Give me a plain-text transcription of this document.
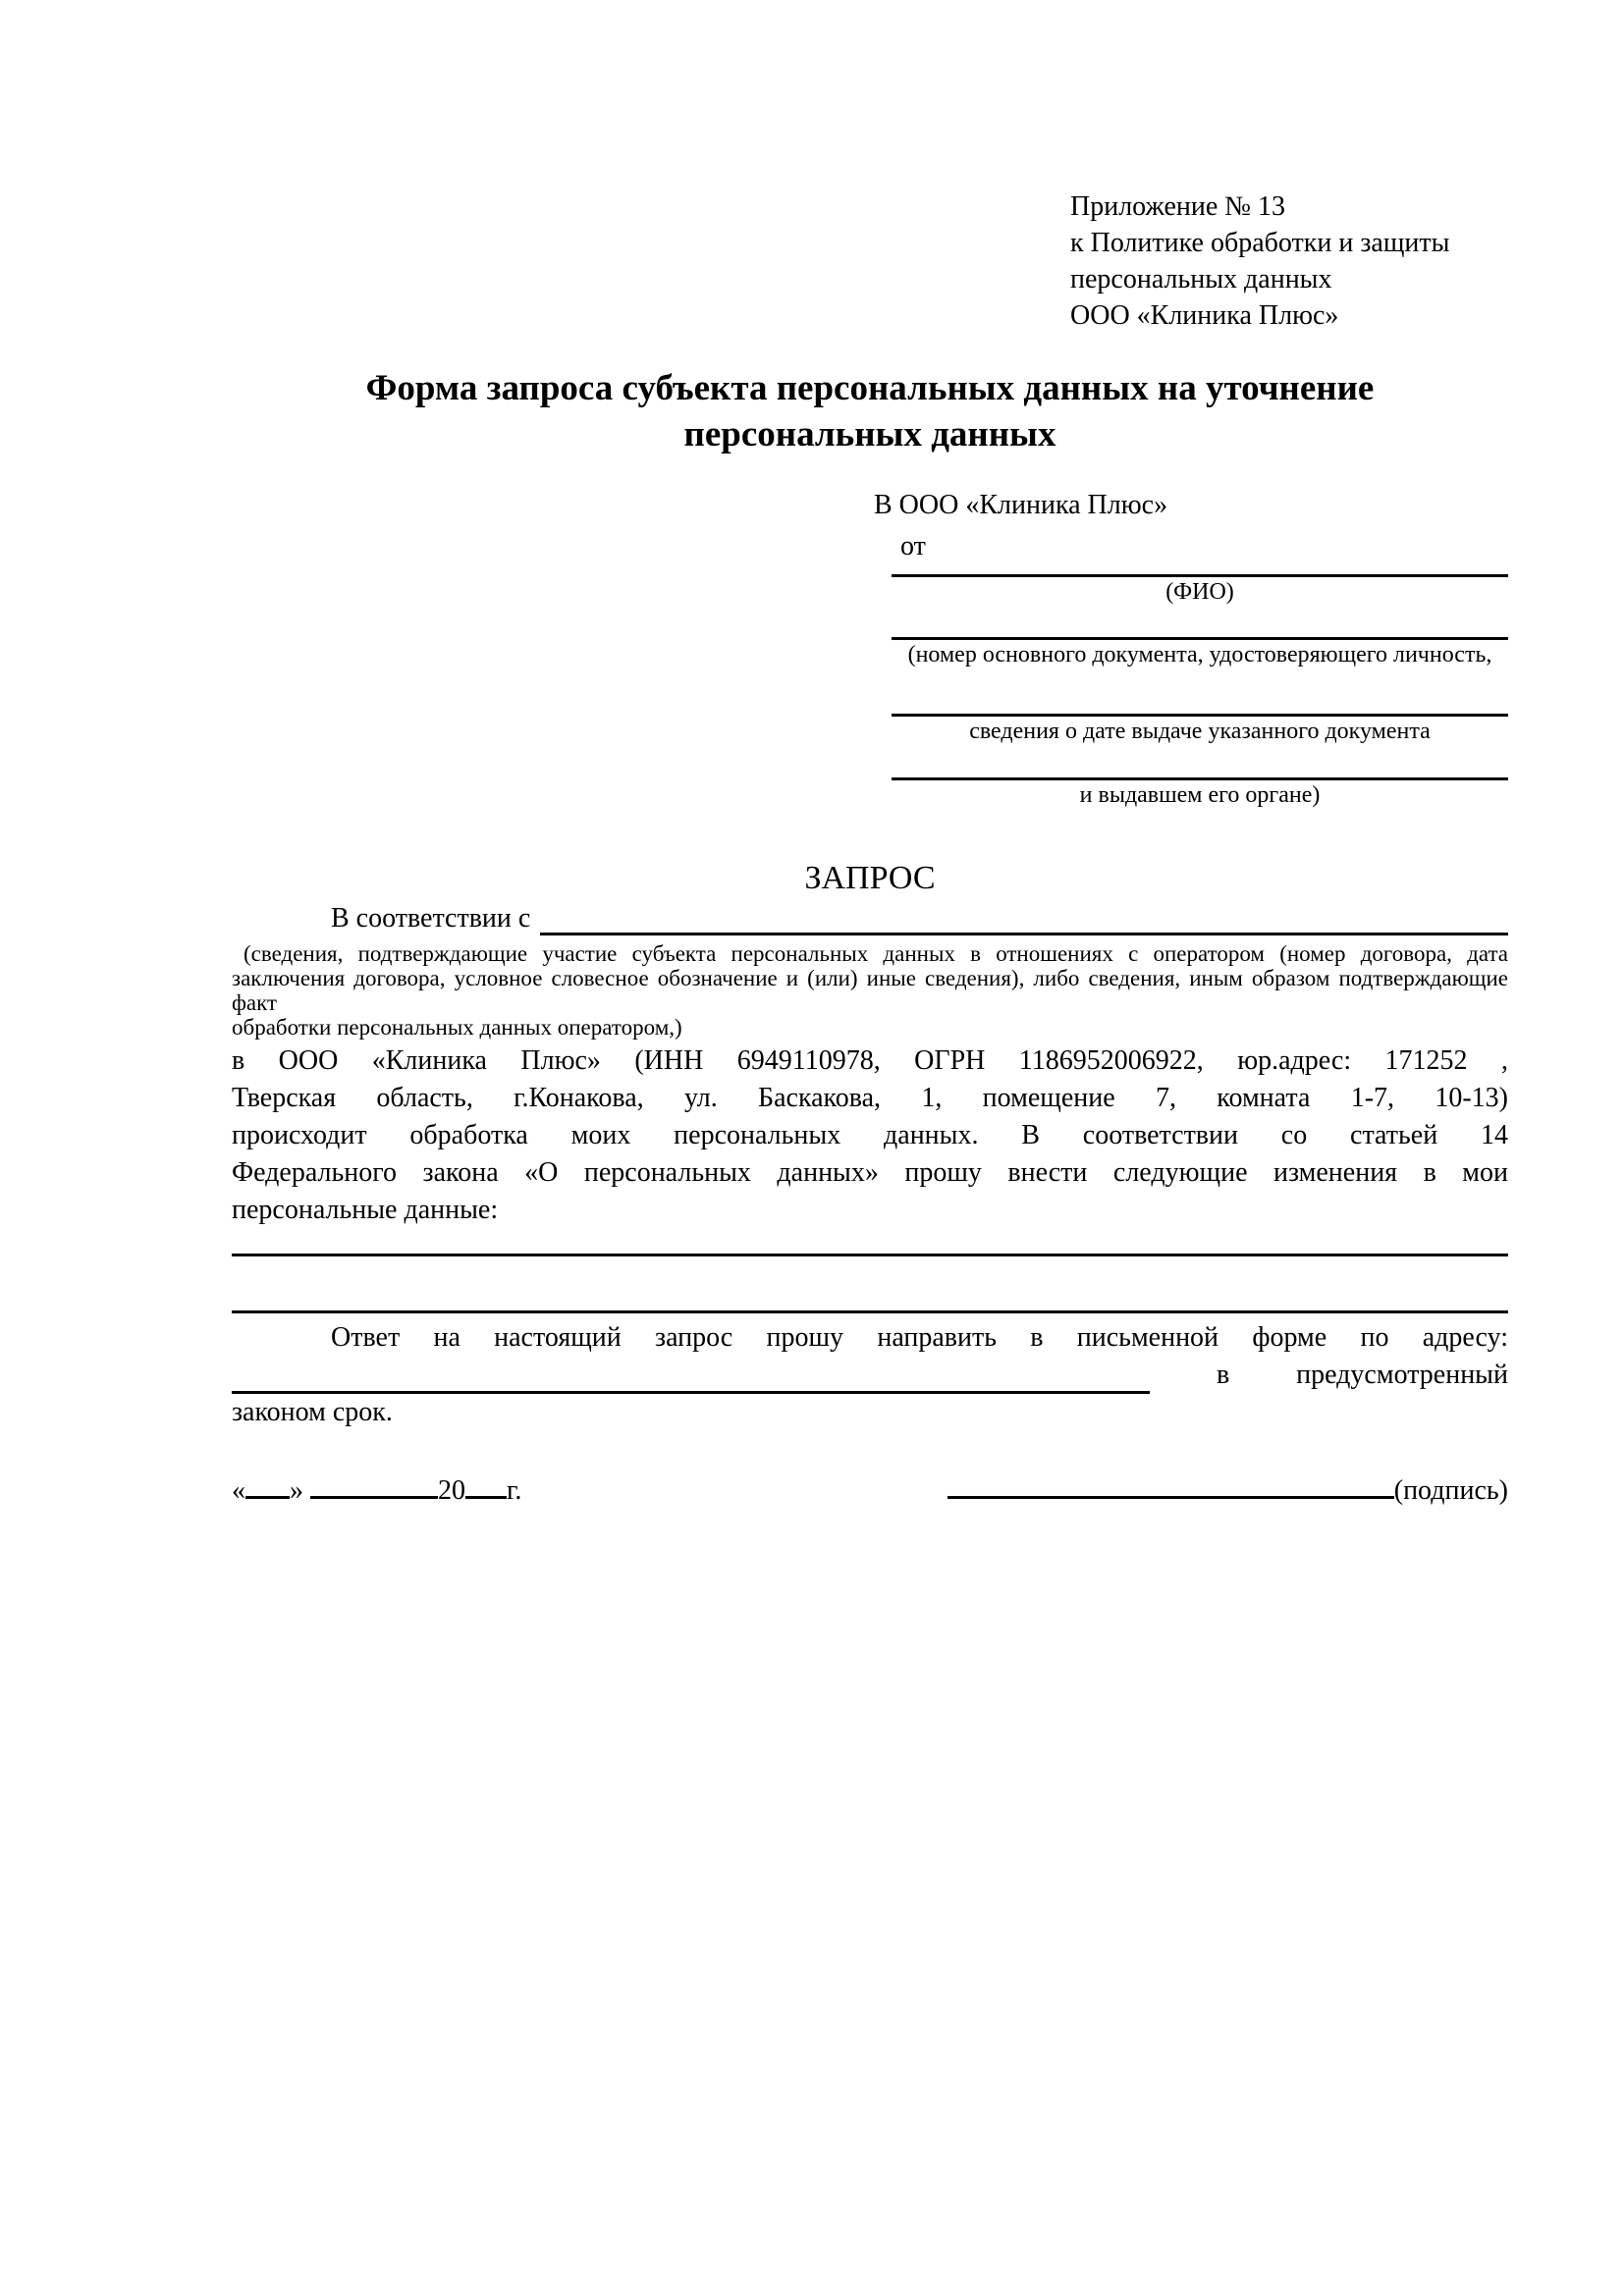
Приложение № 13
к Политике обработки и защиты
персональных данных
ООО «Клиника Плюс»
Форма запроса субъекта персональных данных на уточнение
персональных данных
В ООО «Клиника Плюс»
от
(ФИО)
(номер основного документа, удостоверяющего личность,
сведения о дате выдаче указанного документа
и выдавшем его органе)
ЗАПРОС
В соответствии с
(сведения, подтверждающие участие субъекта персональных данных в отношениях с оператором (номер договора, дата
заключения договора, условное словесное обозначение и (или) иные сведения), либо сведения, иным образом подтверждающие факт
обработки персональных данных оператором,)
в ООО «Клиника Плюс» (ИНН 6949110978, ОГРН 1186952006922, юр.адрес: 171252 ,
Тверская область, г.Конакова, ул. Баскакова, 1, помещение 7, комната 1-7, 10-13)
происходит обработка моих персональных данных. В соответствии со статьей 14
Федерального закона «О персональных данных» прошу внести следующие изменения в мои
персональные данные:
Ответ на настоящий запрос прошу направить в письменной форме по адресу:
в предусмотренный
законом срок.
« »	20 г.	(подпись)
